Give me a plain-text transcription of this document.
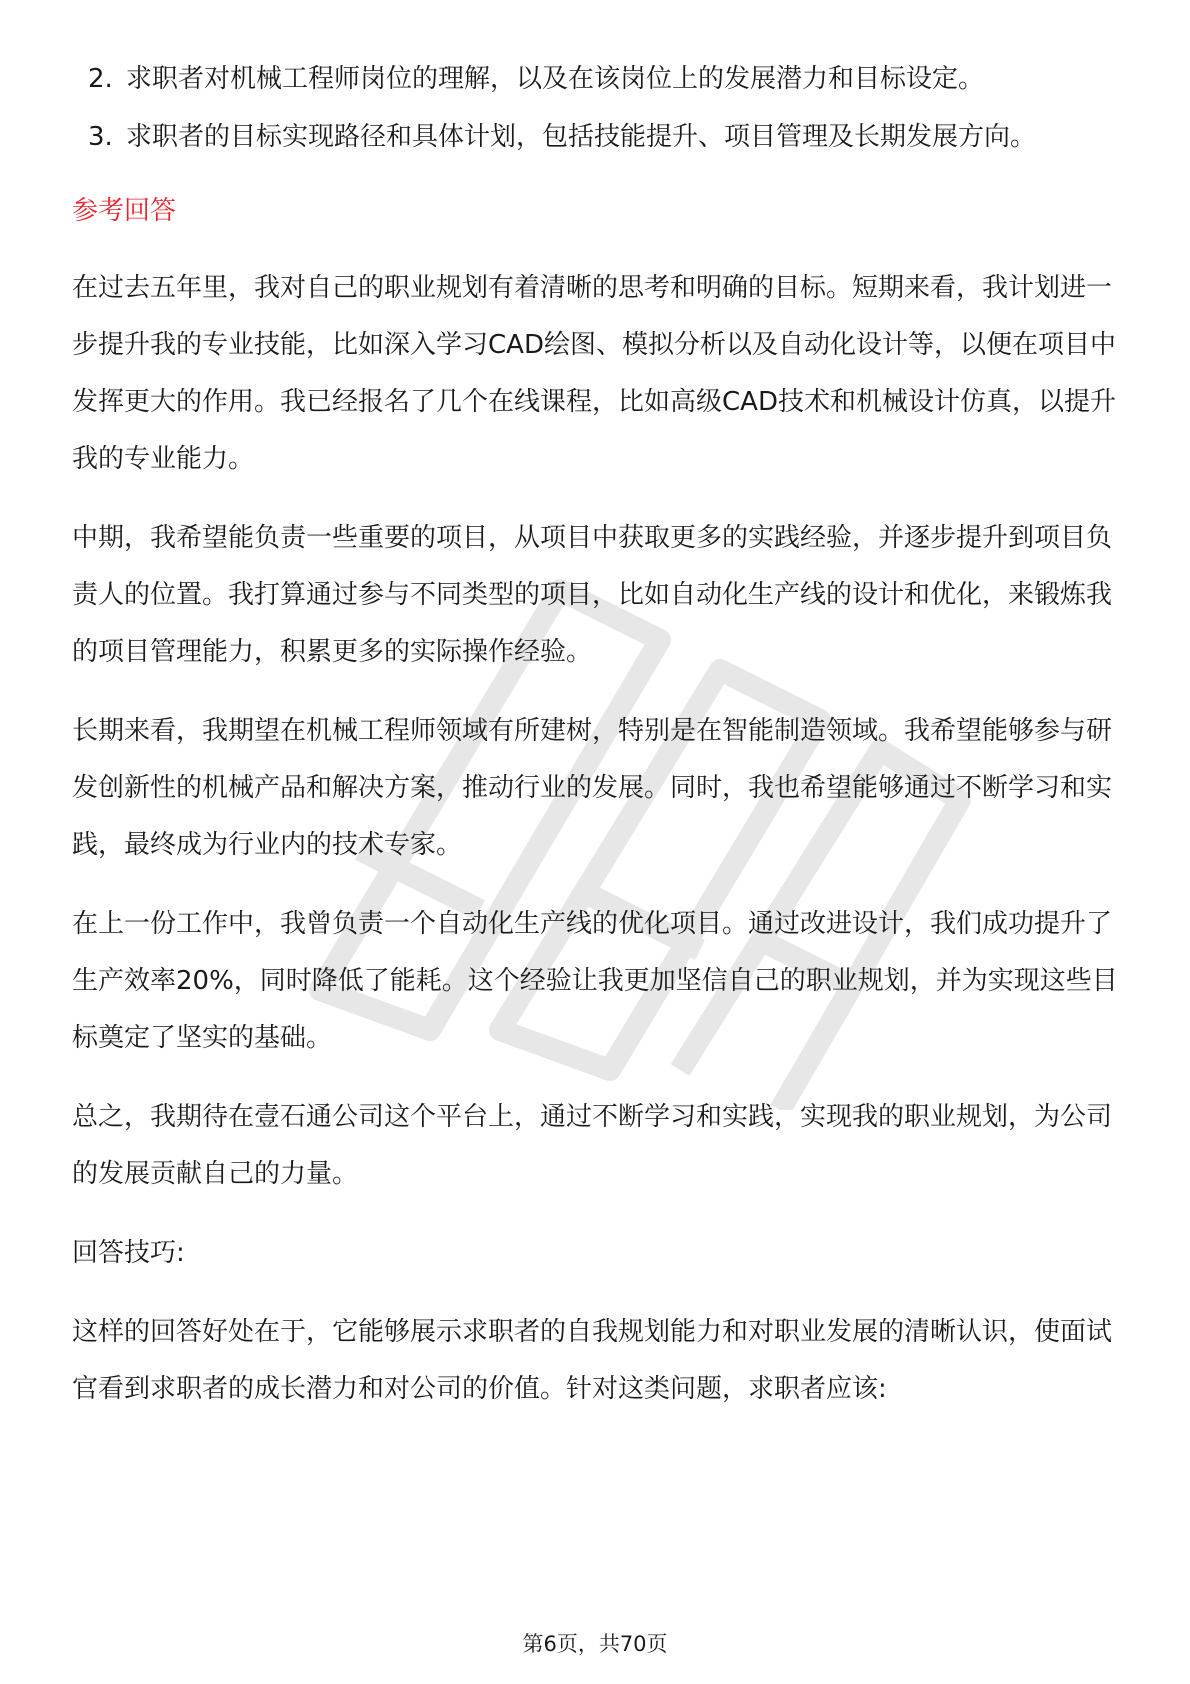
2. 求职者对机械工程师岗位的理解，以及在该岗位上的发展潜力和目标设定。
3. 求职者的目标实现路径和具体计划，包括技能提升、项目管理及长期发展方向。
参考回答

在过去五年里，我对自己的职业规划有着清晰的思考和明确的目标。短期来看，我计划进一步提升我的专业技能，比如深入学习CAD绘图、模拟分析以及自动化设计等，以便在项目中发挥更大的作用。我已经报名了几个在线课程，比如高级CAD技术和机械设计仿真，以提升我的专业能力。

中期，我希望能负责一些重要的项目，从项目中获取更多的实践经验，并逐步提升到项目负责人的位置。我打算通过参与不同类型的项目，比如自动化生产线的设计和优化，来锻炼我的项目管理能力，积累更多的实际操作经验。

长期来看，我期望在机械工程师领域有所建树，特别是在智能制造领域。我希望能够参与研发创新性的机械产品和解决方案，推动行业的发展。同时，我也希望能够通过不断学习和实践，最终成为行业内的技术专家。

在上一份工作中，我曾负责一个自动化生产线的优化项目。通过改进设计，我们成功提升了生产效率20%，同时降低了能耗。这个经验让我更加坚信自己的职业规划，并为实现这些目标奠定了坚实的基础。

总之，我期待在壹石通公司这个平台上，通过不断学习和实践，实现我的职业规划，为公司的发展贡献自己的力量。

回答技巧:

这样的回答好处在于，它能够展示求职者的自我规划能力和对职业发展的清晰认识，使面试官看到求职者的成长潜力和对公司的价值。针对这类问题，求职者应该:

第6页，共70页
